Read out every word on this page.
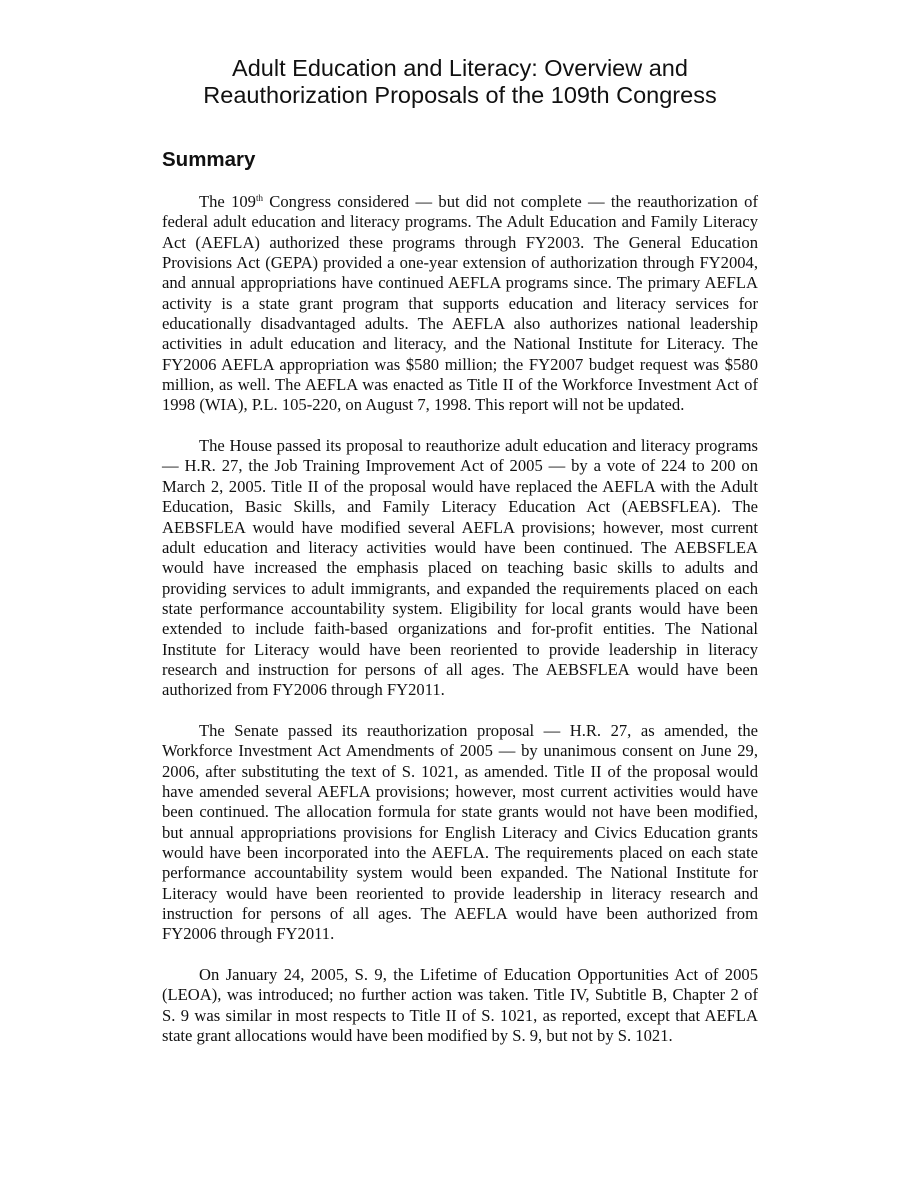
Adult Education and Literacy: Overview and
Reauthorization Proposals of the 109th Congress
Summary

The 109th Congress considered — but did not complete — the reauthorization of federal adult education and literacy programs. The Adult Education and Family Literacy Act (AEFLA) authorized these programs through FY2003. The General Education Provisions Act (GEPA) provided a one-year extension of authorization through FY2004, and annual appropriations have continued AEFLA programs since. The primary AEFLA activity is a state grant program that supports education and literacy services for educationally disadvantaged adults. The AEFLA also authorizes national leadership activities in adult education and literacy, and the National Institute for Literacy. The FY2006 AEFLA appropriation was $580 million; the FY2007 budget request was $580 million, as well. The AEFLA was enacted as Title II of the Workforce Investment Act of 1998 (WIA), P.L. 105-220, on August 7, 1998. This report will not be updated.

The House passed its proposal to reauthorize adult education and literacy programs — H.R. 27, the Job Training Improvement Act of 2005 — by a vote of 224 to 200 on March 2, 2005. Title II of the proposal would have replaced the AEFLA with the Adult Education, Basic Skills, and Family Literacy Education Act (AEBSFLEA). The AEBSFLEA would have modified several AEFLA provisions; however, most current adult education and literacy activities would have been continued. The AEBSFLEA would have increased the emphasis placed on teaching basic skills to adults and providing services to adult immigrants, and expanded the requirements placed on each state performance accountability system. Eligibility for local grants would have been extended to include faith-based organizations and for-profit entities. The National Institute for Literacy would have been reoriented to provide leadership in literacy research and instruction for persons of all ages. The AEBSFLEA would have been authorized from FY2006 through FY2011.

The Senate passed its reauthorization proposal — H.R. 27, as amended, the Workforce Investment Act Amendments of 2005 — by unanimous consent on June 29, 2006, after substituting the text of S. 1021, as amended. Title II of the proposal would have amended several AEFLA provisions; however, most current activities would have been continued. The allocation formula for state grants would not have been modified, but annual appropriations provisions for English Literacy and Civics Education grants would have been incorporated into the AEFLA. The requirements placed on each state performance accountability system would been expanded. The National Institute for Literacy would have been reoriented to provide leadership in literacy research and instruction for persons of all ages. The AEFLA would have been authorized from FY2006 through FY2011.

On January 24, 2005, S. 9, the Lifetime of Education Opportunities Act of 2005 (LEOA), was introduced; no further action was taken. Title IV, Subtitle B, Chapter 2 of S. 9 was similar in most respects to Title II of S. 1021, as reported, except that AEFLA state grant allocations would have been modified by S. 9, but not by S. 1021.
